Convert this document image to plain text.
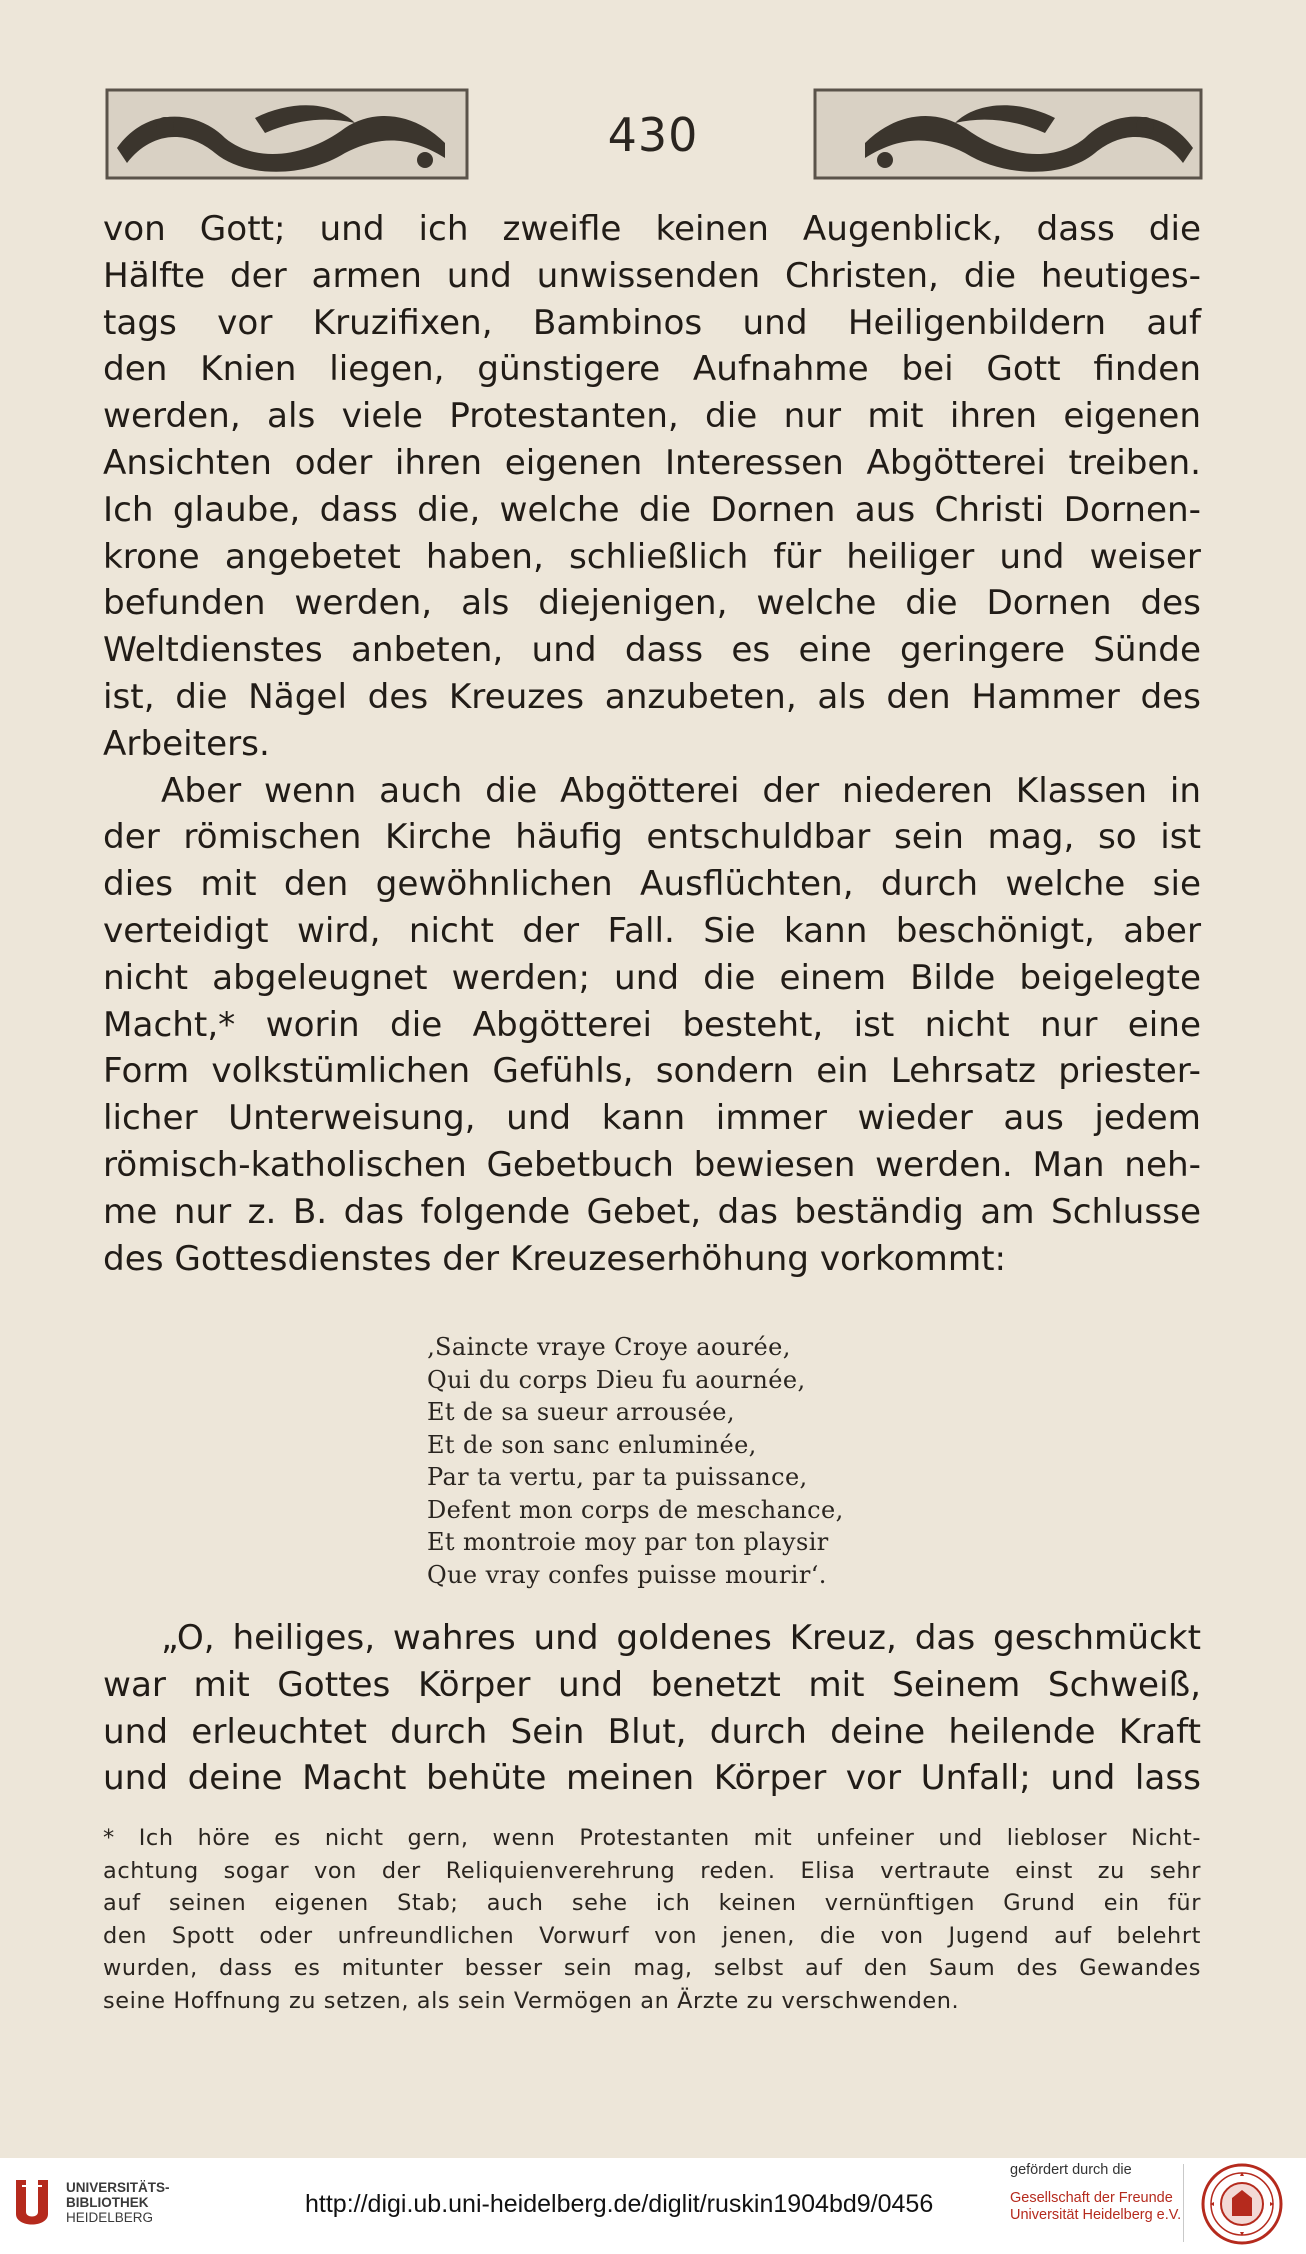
430
von Gott; und ich zweifle keinen Augenblick, dass die
Hälfte der armen und unwissenden Christen, die heutiges-
tags vor Kruzifixen, Bambinos und Heiligenbildern auf
den Knien liegen, günstigere Aufnahme bei Gott finden
werden, als viele Protestanten, die nur mit ihren eigenen
Ansichten oder ihren eigenen Interessen Abgötterei treiben.
Ich glaube, dass die, welche die Dornen aus Christi Dornen-
krone angebetet haben, schließlich für heiliger und weiser
befunden werden, als diejenigen, welche die Dornen des
Weltdienstes anbeten, und dass es eine geringere Sünde
ist, die Nägel des Kreuzes anzubeten, als den Hammer des
Arbeiters.
Aber wenn auch die Abgötterei der niederen Klassen in
der römischen Kirche häufig entschuldbar sein mag, so ist
dies mit den gewöhnlichen Ausflüchten, durch welche sie
verteidigt wird, nicht der Fall. Sie kann beschönigt, aber
nicht abgeleugnet werden; und die einem Bilde beigelegte
Macht,* worin die Abgötterei besteht, ist nicht nur eine
Form volkstümlichen Gefühls, sondern ein Lehrsatz priester-
licher Unterweisung, und kann immer wieder aus jedem
römisch-katholischen Gebetbuch bewiesen werden. Man neh-
me nur z. B. das folgende Gebet, das beständig am Schlusse
des Gottesdienstes der Kreuzeserhöhung vorkommt:
‚Saincte vraye Croye aourée,
Qui du corps Dieu fu aournée,
Et de sa sueur arrousée,
Et de son sanc enluminée,
Par ta vertu, par ta puissance,
Defent mon corps de meschance,
Et montroie moy par ton playsir
Que vray confes puisse mourir‘.
„O, heiliges, wahres und goldenes Kreuz, das geschmückt
war mit Gottes Körper und benetzt mit Seinem Schweiß,
und erleuchtet durch Sein Blut, durch deine heilende Kraft
und deine Macht behüte meinen Körper vor Unfall; und lass
* Ich höre es nicht gern, wenn Protestanten mit unfeiner und liebloser Nicht-
achtung sogar von der Reliquienverehrung reden. Elisa vertraute einst zu sehr
auf seinen eigenen Stab; auch sehe ich keinen vernünftigen Grund ein für
den Spott oder unfreundlichen Vorwurf von jenen, die von Jugend auf belehrt
wurden, dass es mitunter besser sein mag, selbst auf den Saum des Gewandes
seine Hoffnung zu setzen, als sein Vermögen an Ärzte zu verschwenden.
UNIVERSITÄTS-
BIBLIOTHEK
HEIDELBERG	http://digi.ub.uni-heidelberg.de/diglit/ruskin1904bd9/0456
gefördert durch die
Gesellschaft der Freunde
Universität Heidelberg e.V.
